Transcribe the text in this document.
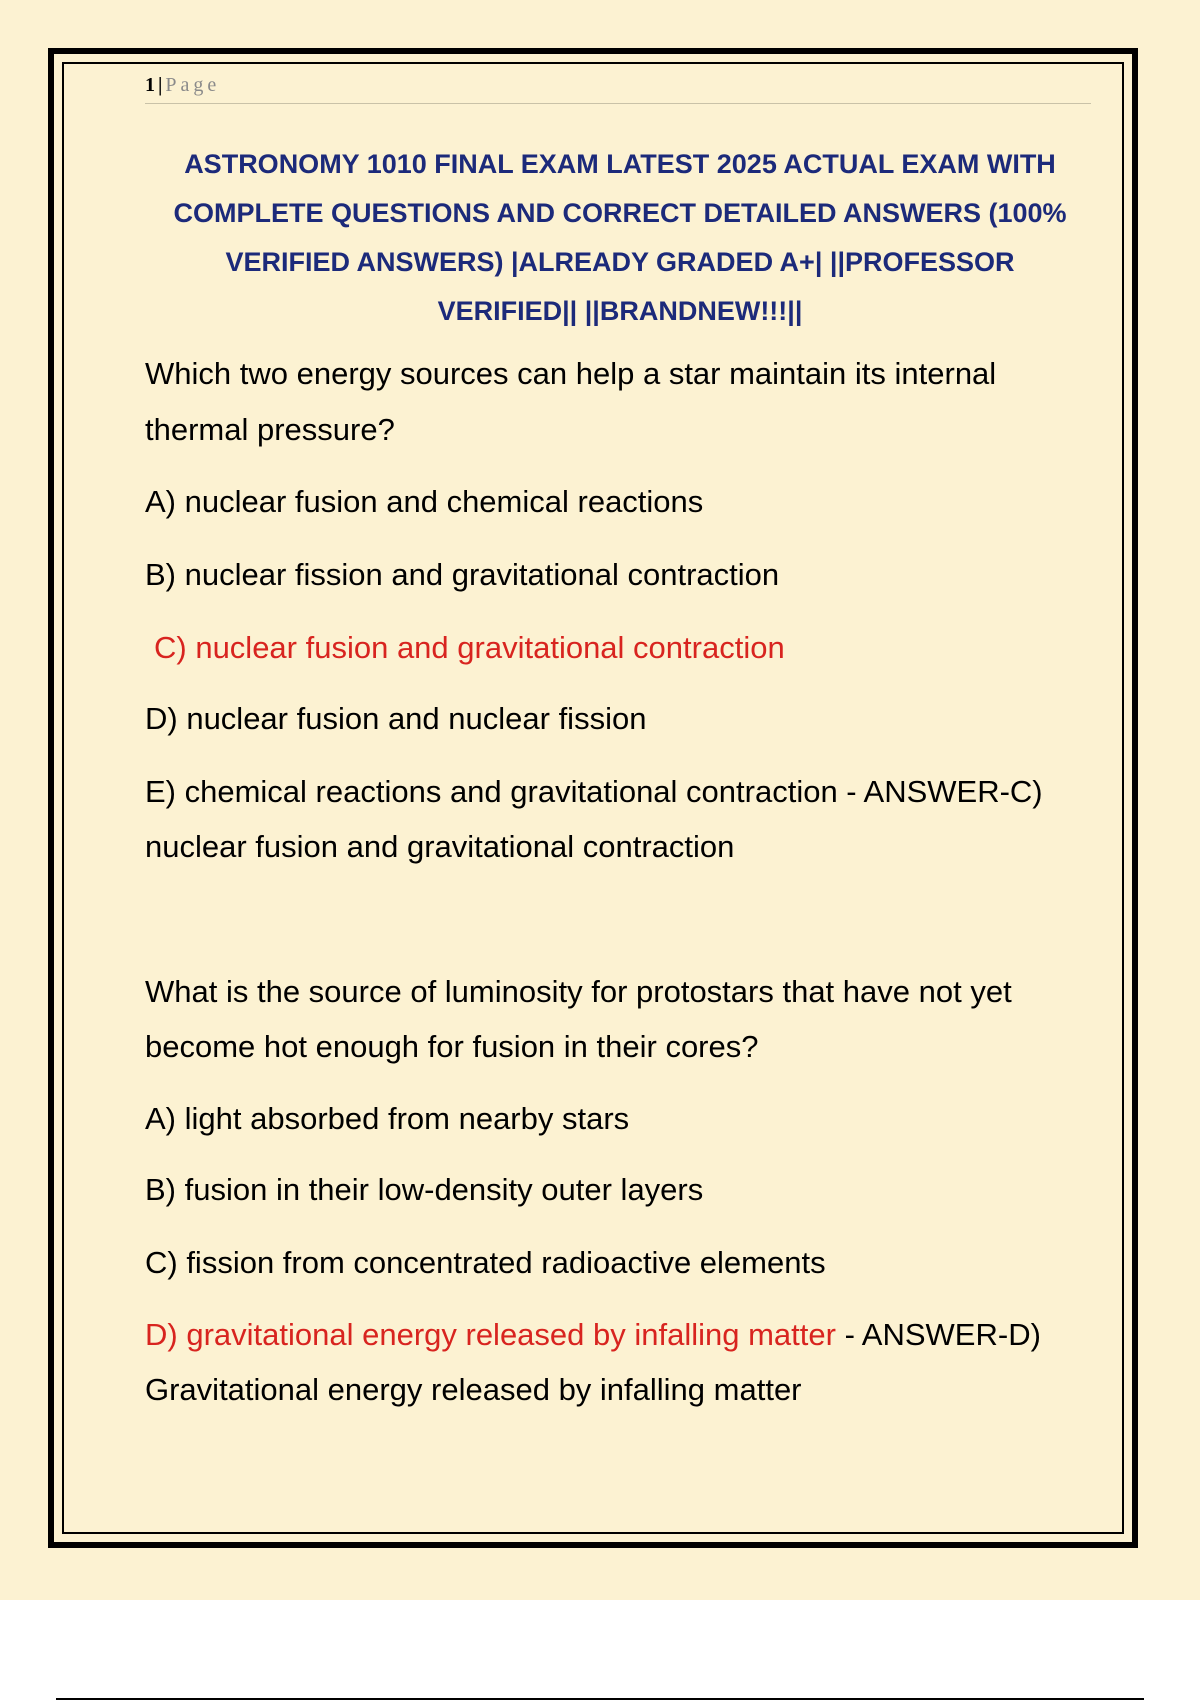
1 | Page
ASTRONOMY 1010 FINAL EXAM LATEST 2025 ACTUAL EXAM WITH
COMPLETE QUESTIONS AND CORRECT DETAILED ANSWERS (100%
VERIFIED ANSWERS) |ALREADY GRADED A+| ||PROFESSOR
VERIFIED|| ||BRANDNEW!!!||
Which two energy sources can help a star maintain its internal
thermal pressure?
A) nuclear fusion and chemical reactions
B) nuclear fission and gravitational contraction
C) nuclear fusion and gravitational contraction
D) nuclear fusion and nuclear fission
E) chemical reactions and gravitational contraction - ANSWER-C)
nuclear fusion and gravitational contraction
What is the source of luminosity for protostars that have not yet
become hot enough for fusion in their cores?
A) light absorbed from nearby stars
B) fusion in their low-density outer layers
C) fission from concentrated radioactive elements
D) gravitational energy released by infalling matter - ANSWER-D)
Gravitational energy released by infalling matter
